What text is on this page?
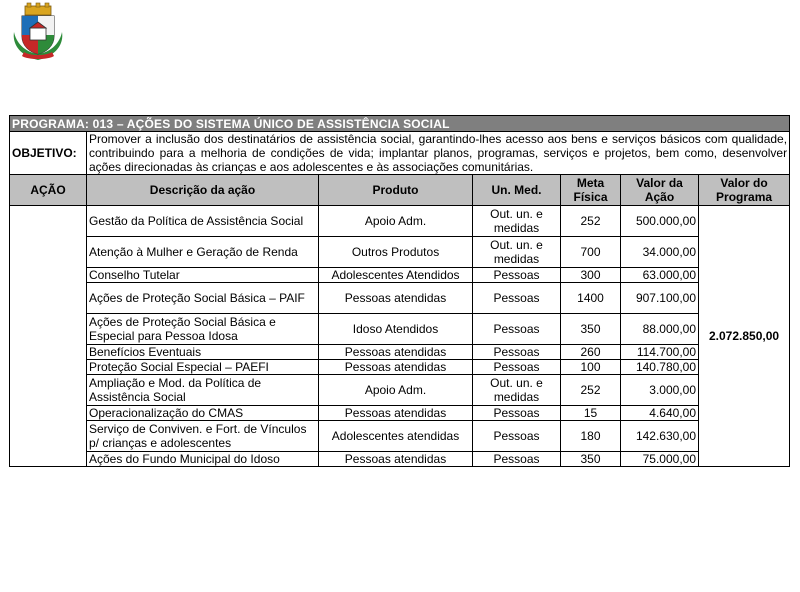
PROGRAMA: 013 – AÇÕES DO SISTEMA ÚNICO DE ASSISTÊNCIA SOCIAL						
OBJETIVO:	Promover a inclusão dos destinatários de assistência social, garantindo-lhes acesso aos bens e serviços básicos com qualidade, contribuindo para a melhoria de condições de vida; implantar planos, programas, serviços e projetos, bem como, desenvolver ações direcionadas às crianças e aos adolescentes e às associações comunitárias.					
AÇÃO	Descrição da ação	Produto	Un. Med.	Meta Física	Valor da Ação	Valor do Programa
	Gestão da Política de Assistência Social	Apoio Adm.	Out. un. e medidas	252	500.000,00	2.072.850,00
	Atenção à Mulher e Geração de Renda	Outros Produtos	Out. un. e medidas	700	34.000,00	
	Conselho Tutelar	Adolescentes Atendidos	Pessoas	300	63.000,00	
	Ações de Proteção Social Básica – PAIF	Pessoas atendidas	Pessoas	1400	907.100,00	
	Ações de Proteção Social Básica e Especial para Pessoa Idosa	Idoso Atendidos	Pessoas	350	88.000,00	
	Benefícios Eventuais	Pessoas atendidas	Pessoas	260	114.700,00	
	Proteção Social Especial – PAEFI	Pessoas atendidas	Pessoas	100	140.780,00	
	Ampliação e Mod. da Política de Assistência Social	Apoio Adm.	Out. un. e medidas	252	3.000,00	
	Operacionalização do CMAS	Pessoas atendidas	Pessoas	15	4.640,00	
	Serviço de Conviven. e Fort. de Vínculos p/ crianças e adolescentes	Adolescentes atendidas	Pessoas	180	142.630,00	
	Ações do Fundo Municipal do Idoso	Pessoas atendidas	Pessoas	350	75.000,00	
